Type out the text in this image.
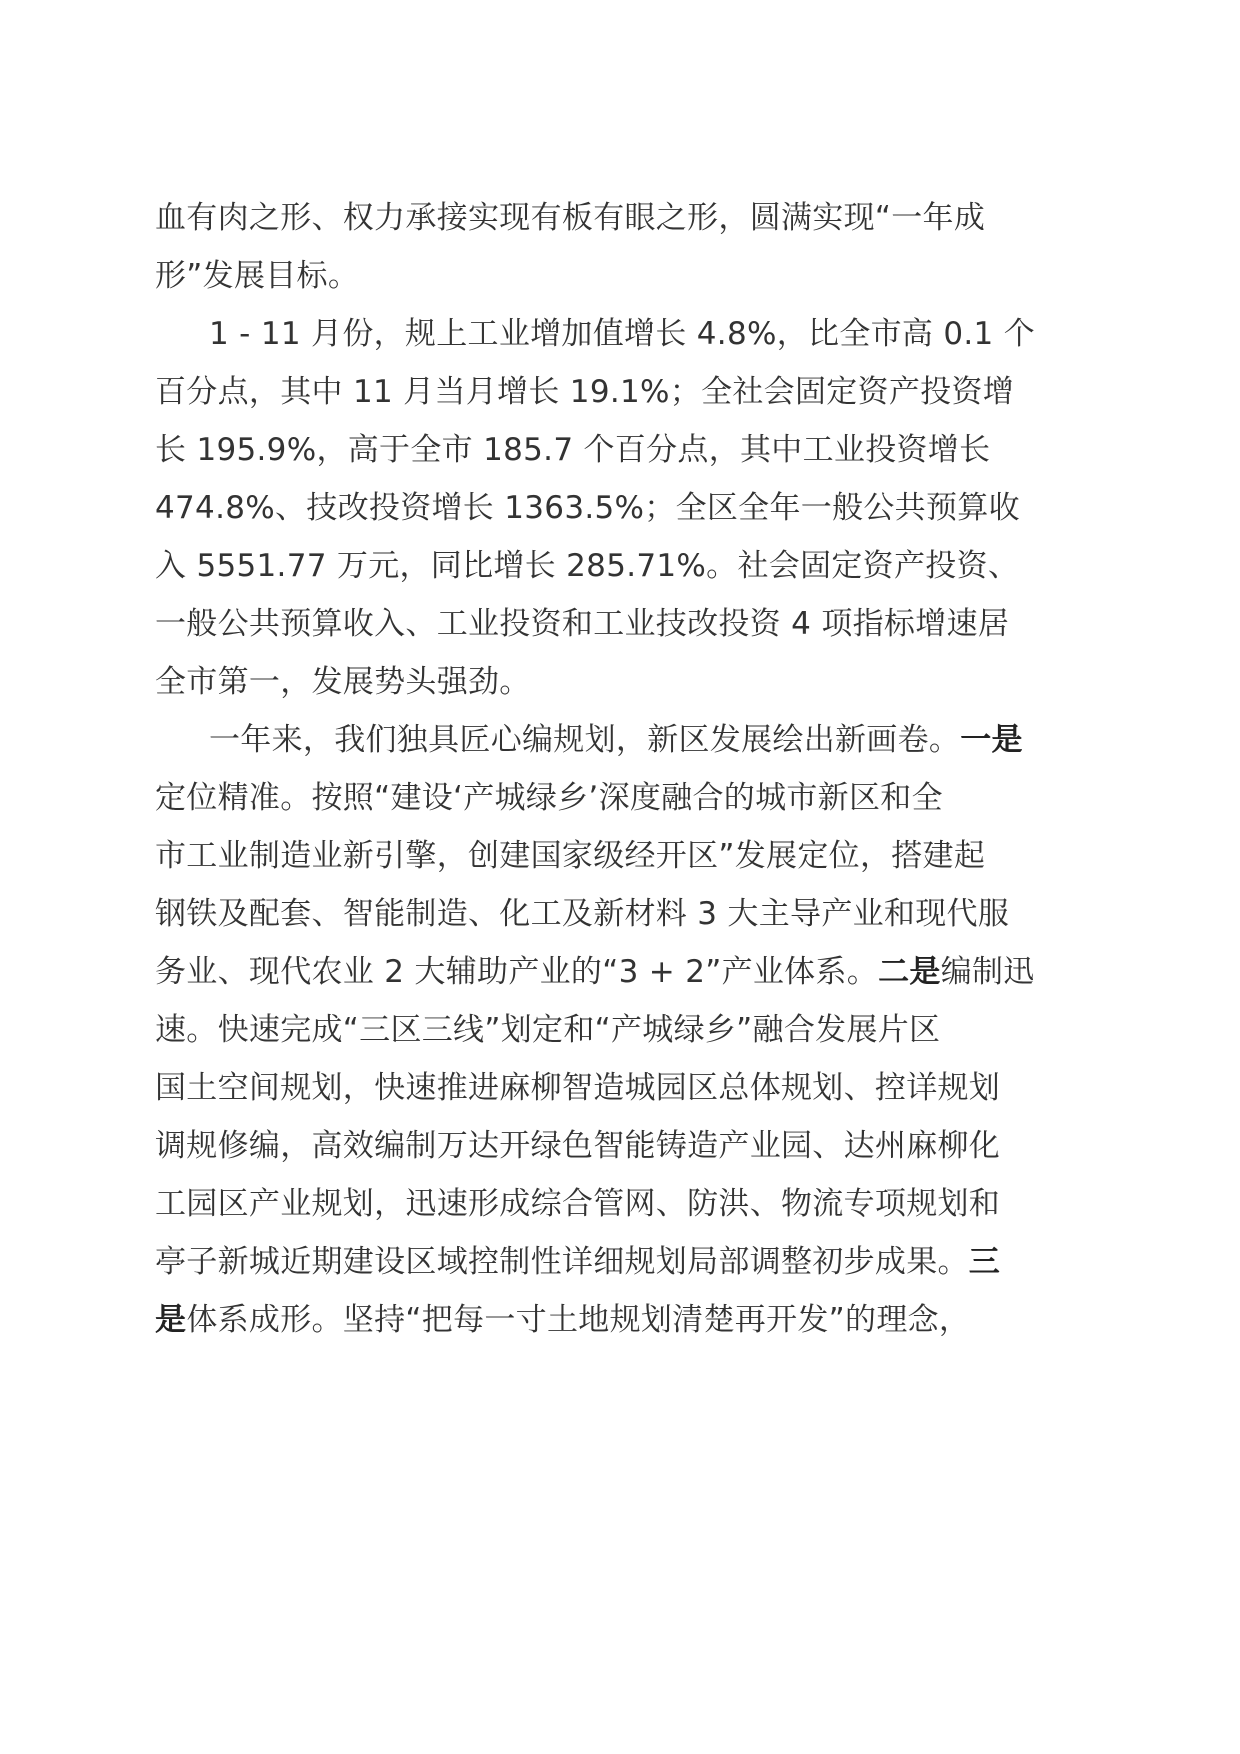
血有肉之形、权力承接实现有板有眼之形，圆满实现“一年成
形”发展目标。
1 - 11 月份，规上工业增加值增长 4.8%，比全市高 0.1 个
百分点，其中 11 月当月增长 19.1%；全社会固定资产投资增
长 195.9%，高于全市 185.7 个百分点，其中工业投资增长
474.8%、技改投资增长 1363.5%；全区全年一般公共预算收
入 5551.77 万元，同比增长 285.71%。社会固定资产投资、
一般公共预算收入、工业投资和工业技改投资 4 项指标增速居
全市第一，发展势头强劲。
一年来，我们独具匠心编规划，新区发展绘出新画卷。一是
定位精准。按照“建设‘产城绿乡’深度融合的城市新区和全
市工业制造业新引擎，创建国家级经开区”发展定位，搭建起
钢铁及配套、智能制造、化工及新材料 3 大主导产业和现代服
务业、现代农业 2 大辅助产业的“3 + 2”产业体系。二是编制迅
速。快速完成“三区三线”划定和“产城绿乡”融合发展片区
国土空间规划，快速推进麻柳智造城园区总体规划、控详规划
调规修编，高效编制万达开绿色智能铸造产业园、达州麻柳化
工园区产业规划，迅速形成综合管网、防洪、物流专项规划和
亭子新城近期建设区域控制性详细规划局部调整初步成果。三
是体系成形。坚持“把每一寸土地规划清楚再开发”的理念，
